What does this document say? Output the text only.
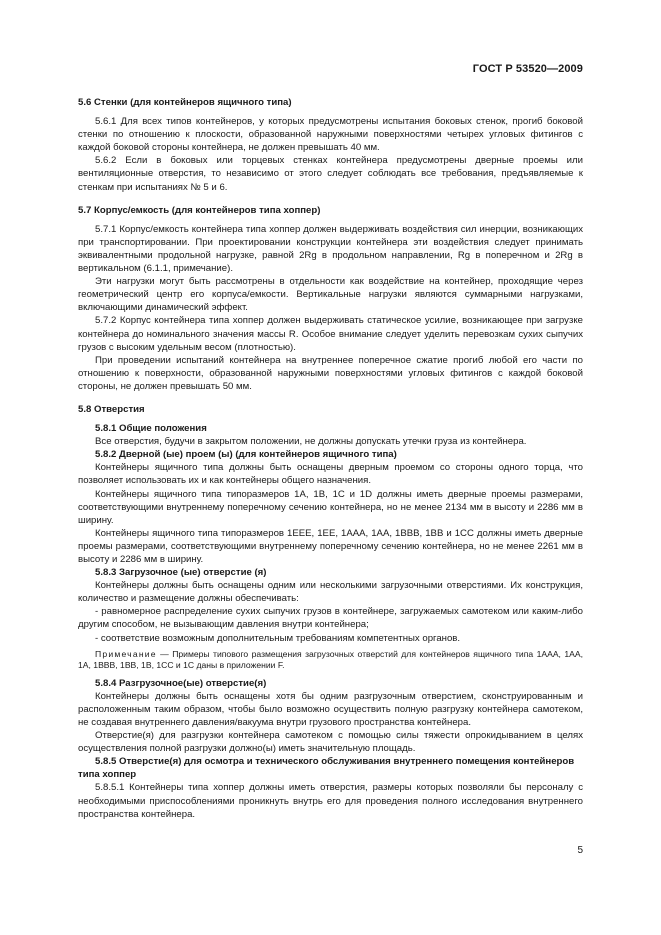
ГОСТ Р 53520—2009
5.6 Стенки (для контейнеров ящичного типа)

5.6.1 Для всех типов контейнеров, у которых предусмотрены испытания боковых стенок, прогиб боковой стенки по отношению к плоскости, образованной наружными поверхностями четырех угловых фитингов с каждой боковой стороны контейнера, не должен превышать 40 мм.

5.6.2 Если в боковых или торцевых стенках контейнера предусмотрены дверные проемы или вентиляционные отверстия, то независимо от этого следует соблюдать все требования, предъявляемые к стенкам при испытаниях № 5 и 6.

5.7 Корпус/емкость (для контейнеров типа хоппер)

5.7.1 Корпус/емкость контейнера типа хоппер должен выдерживать воздействия сил инерции, возникающих при транспортировании. При проектировании конструкции контейнера эти воздействия следует принимать эквивалентными продольной нагрузке, равной 2Rg в продольном направлении, Rg в поперечном и 2Rg в вертикальном (6.1.1, примечание).

Эти нагрузки могут быть рассмотрены в отдельности как воздействие на контейнер, проходящие через геометрический центр его корпуса/емкости. Вертикальные нагрузки являются суммарными нагрузками, включающими динамический эффект.

5.7.2 Корпус контейнера типа хоппер должен выдерживать статическое усилие, возникающее при загрузке контейнера до номинального значения массы R. Особое внимание следует уделить перевозкам сухих сыпучих грузов с высоким удельным весом (плотностью).

При проведении испытаний контейнера на внутреннее поперечное сжатие прогиб любой его части по отношению к поверхности, образованной наружными поверхностями угловых фитингов с каждой боковой стороны, не должен превышать 50 мм.

5.8 Отверстия
5.8.1 Общие положения

Все отверстия, будучи в закрытом положении, не должны допускать утечки груза из контейнера.

5.8.2 Дверной (ые) проем (ы) (для контейнеров ящичного типа)

Контейнеры ящичного типа должны быть оснащены дверным проемом со стороны одного торца, что позволяет использовать их и как контейнеры общего назначения.

Контейнеры ящичного типа типоразмеров 1А, 1В, 1С и 1D должны иметь дверные проемы размерами, соответствующими внутреннему поперечному сечению контейнера, но не менее 2134 мм в высоту и 2286 мм в ширину.

Контейнеры ящичного типа типоразмеров 1EEE, 1EE, 1ААА, 1АА, 1ВВВ, 1ВВ и 1СС должны иметь дверные проемы размерами, соответствующими внутреннему поперечному сечению контейнера, но не менее 2261 мм в высоту и 2286 мм в ширину.

5.8.3 Загрузочное (ые) отверстие (я)

Контейнеры должны быть оснащены одним или несколькими загрузочными отверстиями. Их конструкция, количество и размещение должны обеспечивать:

- равномерное распределение сухих сыпучих грузов в контейнере, загружаемых самотеком или каким-либо другим способом, не вызывающим давления внутри контейнера;

- соответствие возможным дополнительным требованиям компетентных органов.

Примечание — Примеры типового размещения загрузочных отверстий для контейнеров ящичного типа 1ААА, 1АА, 1А, 1ВВВ, 1ВВ, 1В, 1СС и 1С даны в приложении F.

5.8.4 Разгрузочное(ые) отверстие(я)

Контейнеры должны быть оснащены хотя бы одним разгрузочным отверстием, сконструированным и расположенным таким образом, чтобы было возможно осуществить полную разгрузку контейнера самотеком, не создавая внутреннего давления/вакуума внутри грузового пространства контейнера.

Отверстие(я) для разгрузки контейнера самотеком с помощью силы тяжести опрокидыванием в целях осуществления полной разгрузки должно(ы) иметь значительную площадь.

5.8.5 Отверстие(я) для осмотра и технического обслуживания внутреннего помещения контейнеров типа хоппер

5.8.5.1 Контейнеры типа хоппер должны иметь отверстия, размеры которых позволяли бы персоналу с необходимыми приспособлениями проникнуть внутрь его для проведения полного исследования внутреннего пространства контейнера.

5
